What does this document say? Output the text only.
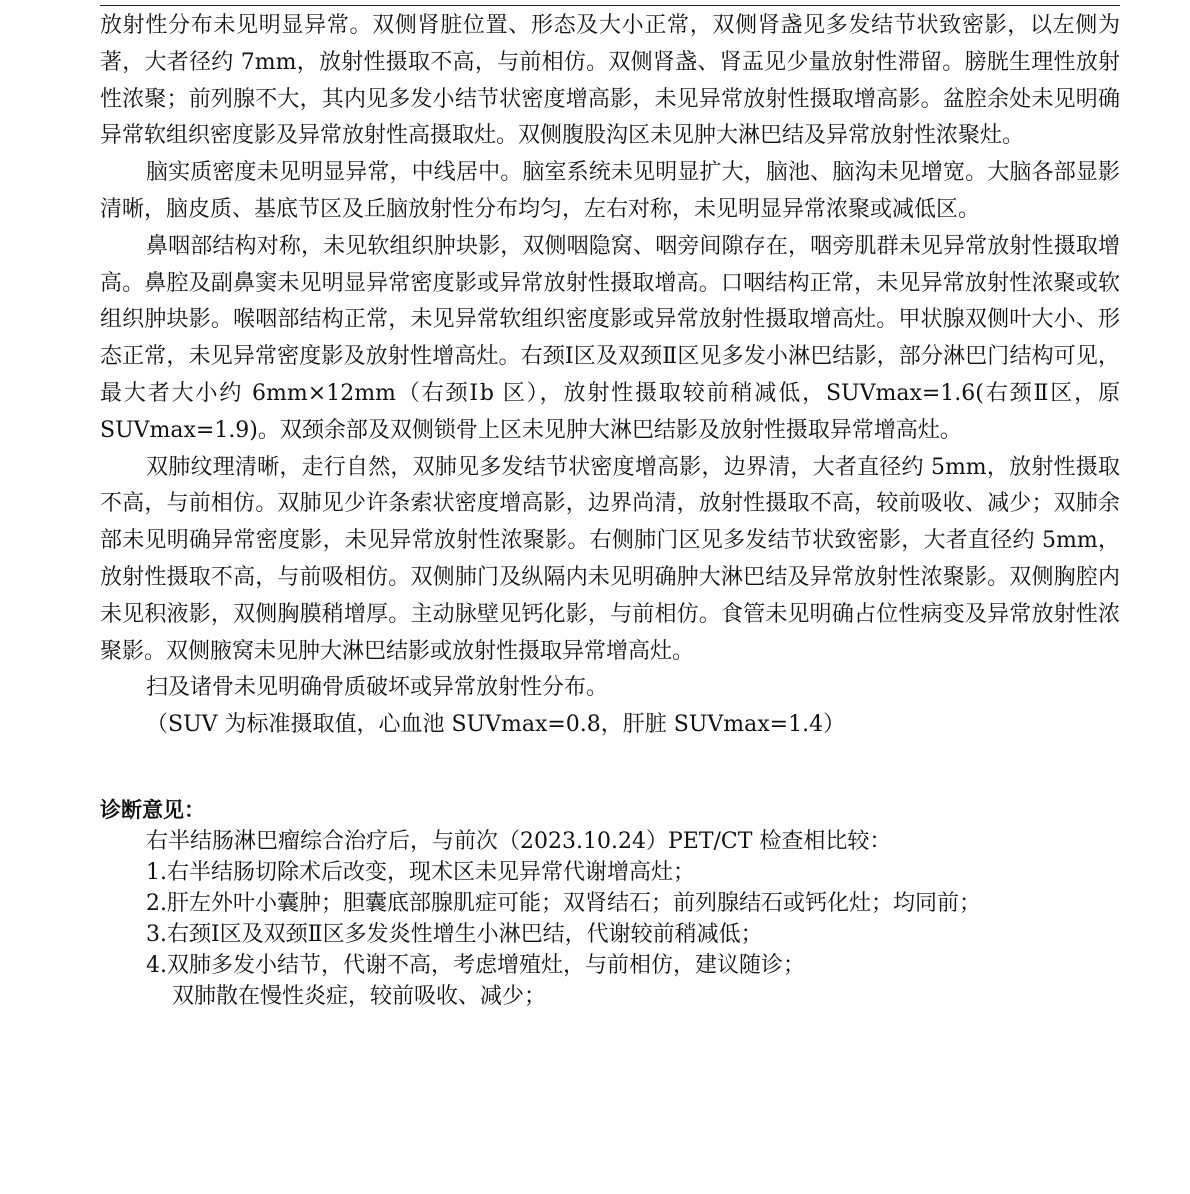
放射性分布未见明显异常。双侧肾脏位置、形态及大小正常，双侧肾盏见多发结节状致密影，以左侧为著，大者径约 7mm，放射性摄取不高，与前相仿。双侧肾盏、肾盂见少量放射性滞留。膀胱生理性放射性浓聚；前列腺不大，其内见多发小结节状密度增高影，未见异常放射性摄取增高影。盆腔余处未见明确异常软组织密度影及异常放射性高摄取灶。双侧腹股沟区未见肿大淋巴结及异常放射性浓聚灶。

脑实质密度未见明显异常，中线居中。脑室系统未见明显扩大，脑池、脑沟未见增宽。大脑各部显影清晰，脑皮质、基底节区及丘脑放射性分布均匀，左右对称，未见明显异常浓聚或减低区。

鼻咽部结构对称，未见软组织肿块影，双侧咽隐窝、咽旁间隙存在，咽旁肌群未见异常放射性摄取增高。鼻腔及副鼻窦未见明显异常密度影或异常放射性摄取增高。口咽结构正常，未见异常放射性浓聚或软组织肿块影。喉咽部结构正常，未见异常软组织密度影或异常放射性摄取增高灶。甲状腺双侧叶大小、形态正常，未见异常密度影及放射性增高灶。右颈Ⅰ区及双颈Ⅱ区见多发小淋巴结影，部分淋巴门结构可见，最大者大小约 6mm×12mm（右颈Ⅰb 区），放射性摄取较前稍减低，SUVmax=1.6(右颈Ⅱ区，原 SUVmax=1.9)。双颈余部及双侧锁骨上区未见肿大淋巴结影及放射性摄取异常增高灶。

双肺纹理清晰，走行自然，双肺见多发结节状密度增高影，边界清，大者直径约 5mm，放射性摄取不高，与前相仿。双肺见少许条索状密度增高影，边界尚清，放射性摄取不高，较前吸收、减少；双肺余部未见明确异常密度影，未见异常放射性浓聚影。右侧肺门区见多发结节状致密影，大者直径约 5mm，放射性摄取不高，与前吸相仿。双侧肺门及纵隔内未见明确肿大淋巴结及异常放射性浓聚影。双侧胸腔内未见积液影，双侧胸膜稍增厚。主动脉壁见钙化影，与前相仿。食管未见明确占位性病变及异常放射性浓聚影。双侧腋窝未见肿大淋巴结影或放射性摄取异常增高灶。

扫及诸骨未见明确骨质破坏或异常放射性分布。

（SUV 为标准摄取值，心血池 SUVmax=0.8，肝脏 SUVmax=1.4）

诊断意见：

右半结肠淋巴瘤综合治疗后，与前次（2023.10.24）PET/CT 检查相比较：

1.右半结肠切除术后改变，现术区未见异常代谢增高灶；

2.肝左外叶小囊肿；胆囊底部腺肌症可能；双肾结石；前列腺结石或钙化灶；均同前；

3.右颈Ⅰ区及双颈Ⅱ区多发炎性增生小淋巴结，代谢较前稍减低；

4.双肺多发小结节，代谢不高，考虑增殖灶，与前相仿，建议随诊；

双肺散在慢性炎症，较前吸收、减少；
